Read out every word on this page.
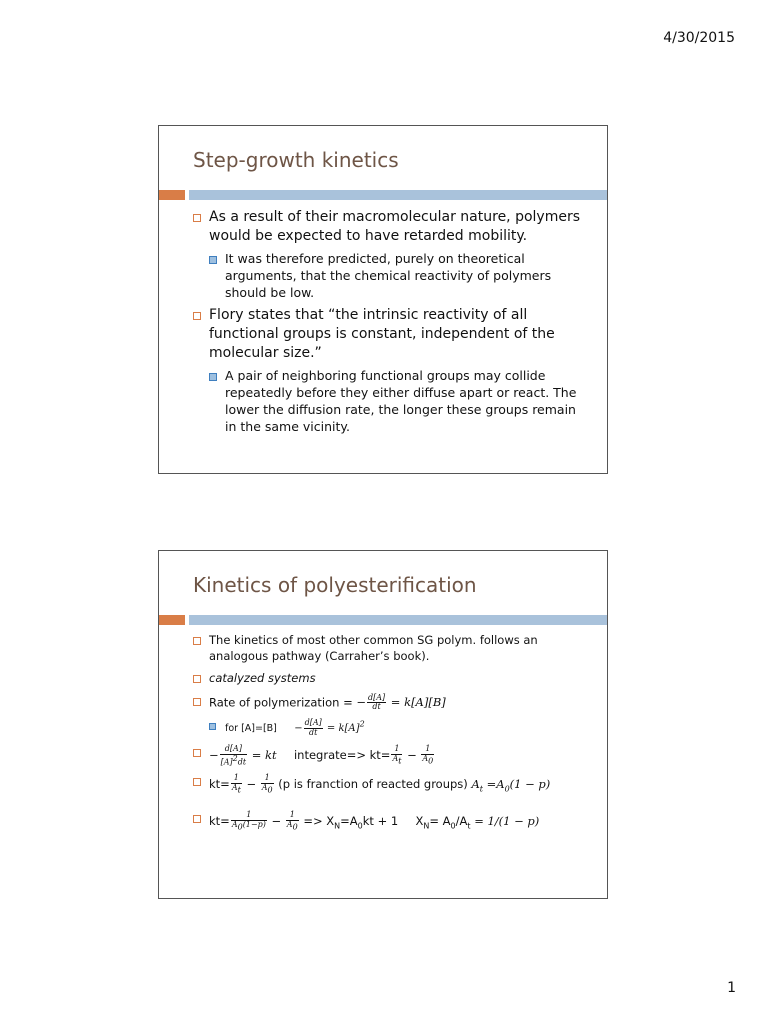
4/30/2015
Step-growth kinetics
As a result of their macromolecular nature, polymers would be expected to have retarded mobility.
It was therefore predicted, purely on theoretical arguments, that the chemical reactivity of polymers should be low.
Flory states that “the intrinsic reactivity of all functional groups is constant, independent of the molecular size.”
A pair of neighboring functional groups may collide repeatedly before they either diffuse apart or react. The lower the diffusion rate, the longer these groups remain in the same vicinity.
Kinetics of polyesterification
The kinetics of most other common SG polym. follows an analogous pathway (Carraher’s book).
catalyzed systems
Rate of polymerization = − $\frac{d[A]}{dt} = k[A][B]$
for $[A]=[B] - \frac{d[A]}{dt} = k[A]^2$
− $\frac{d[A]}{[A]^2dt}$ = kt integrate=> $kt= \frac{1}{A_t} - \frac{1}{A_0}$
$kt= \frac{1}{A_t} - \frac{1}{A_0} (p$ is franction of reacted groups) $A_t =A_0(1 - p)$
$kt= \frac{1}{A_0(1-p)} - \frac{1}{A_0} => X_N=A_0kt + 1$ $X_N= A_0/A_t = 1/(1 - p)$
1
